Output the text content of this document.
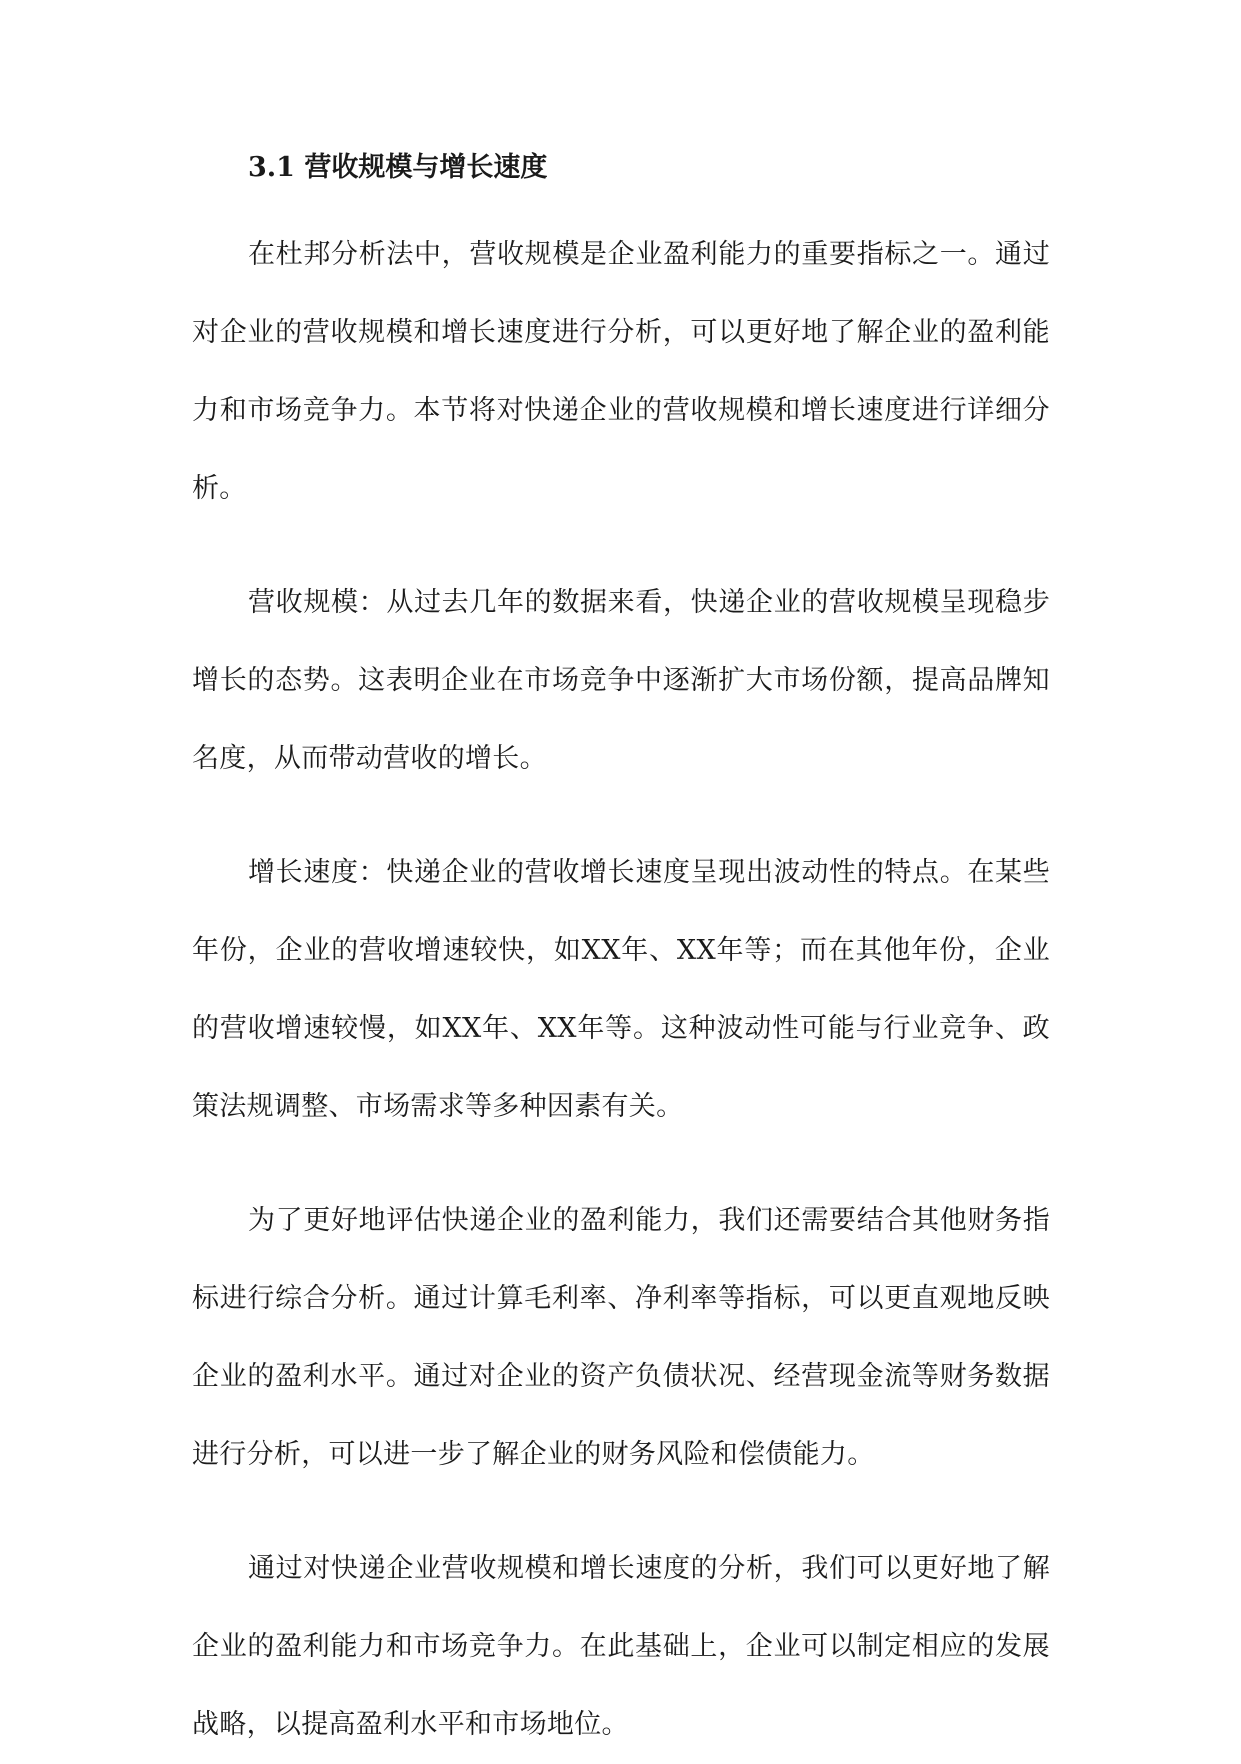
3.1 营收规模与增长速度

在杜邦分析法中，营收规模是企业盈利能力的重要指标之一。通过对企业的营收规模和增长速度进行分析，可以更好地了解企业的盈利能力和市场竞争力。本节将对快递企业的营收规模和增长速度进行详细分析。

营收规模：从过去几年的数据来看，快递企业的营收规模呈现稳步增长的态势。这表明企业在市场竞争中逐渐扩大市场份额，提高品牌知名度，从而带动营收的增长。

增长速度：快递企业的营收增长速度呈现出波动性的特点。在某些年份，企业的营收增速较快，如XX年、XX年等；而在其他年份，企业的营收增速较慢，如XX年、XX年等。这种波动性可能与行业竞争、政策法规调整、市场需求等多种因素有关。

为了更好地评估快递企业的盈利能力，我们还需要结合其他财务指标进行综合分析。通过计算毛利率、净利率等指标，可以更直观地反映企业的盈利水平。通过对企业的资产负债状况、经营现金流等财务数据进行分析，可以进一步了解企业的财务风险和偿债能力。

通过对快递企业营收规模和增长速度的分析，我们可以更好地了解企业的盈利能力和市场竞争力。在此基础上，企业可以制定相应的发展战略，以提高盈利水平和市场地位。
